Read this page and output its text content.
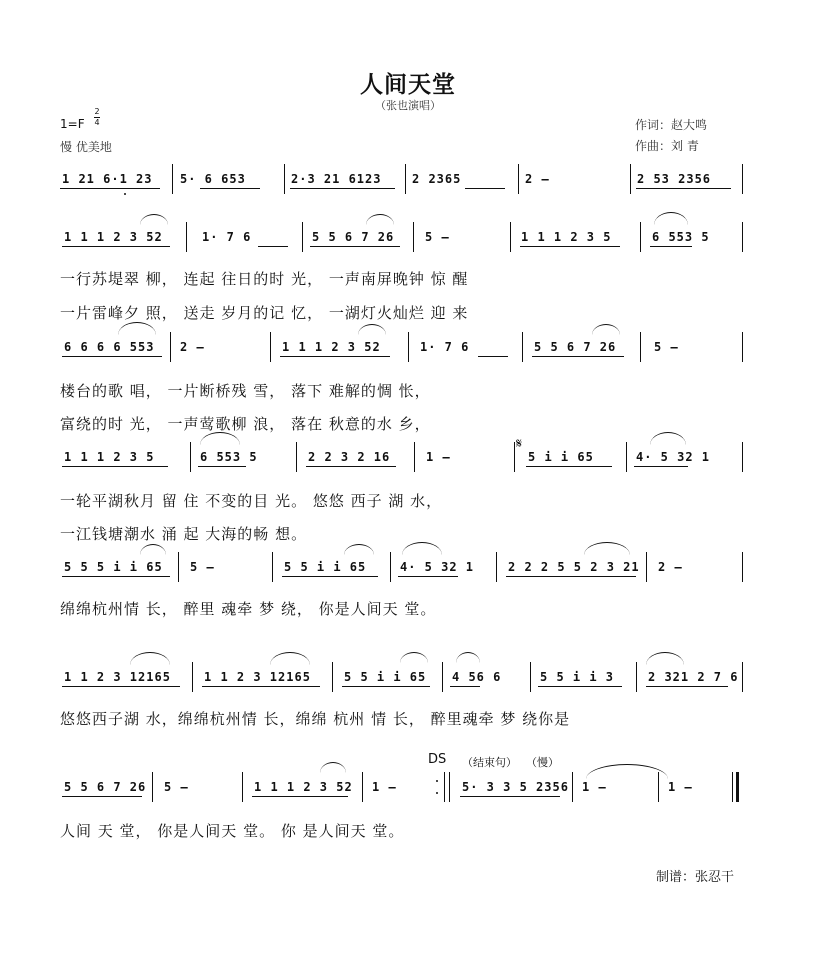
人间天堂
（张也演唱）
1=F
2
4
慢 优美地
作词：赵大鸣
作曲：刘 青
1 21 6·1 23 5· 6 653	2·3 21 6123	2 2365	2 –	2 53 2356
1 1 1 2 3 52	1· 7 6	5 5 6 7 26	5 –	1 1 1 2 3 5	6 553 5
一行苏堤翠 柳， 连起 往日的时 光， 一声南屏晚钟 惊 醒
一片雷峰夕 照， 送走 岁月的记 忆， 一湖灯火灿烂 迎 来
6 6 6 6 553 2 –	1 1 1 2 3 52	1· 7 6	5 5 6 7 26	5 –
楼台的歌 唱， 一片断桥残 雪， 落下 难解的惆 怅，
富绕的时 光， 一声莺歌柳 浪， 落在 秋意的水 乡，
1 1 1 2 3 5	6 553 5	2 2 3 2 16	1 –	5 i i 65	4· 5 32 1
𝄋
一轮平湖秋月 留 住 不变的目 光。 悠悠 西子 湖 水，
一江钱塘潮水 涌 起 大海的畅 想。
5 5 5 i i 65 5 –	5 5 i i 65	4· 5 32 1	2 2 2 5 5 2 3 21 2 –
绵绵杭州情 长， 醉里 魂牵 梦 绕， 你是人间天 堂。
1 1 2 3 12165	1 1 2 3 12165	5 5 i i 65 4 56 6	5 5 i i 3	2 321 2 7 6
悠悠西子湖 水，绵绵杭州情 长，绵绵 杭州 情 长， 醉里魂牵 梦 绕你是
DS （结束句） （慢）
5 5 6 7 26 5 –	1 1 1 2 3 52 1 –	5· 3 3 5 2356 1 –	1 –
人间 天 堂， 你是人间天 堂。 你 是人间天 堂。
制谱：张忍干
